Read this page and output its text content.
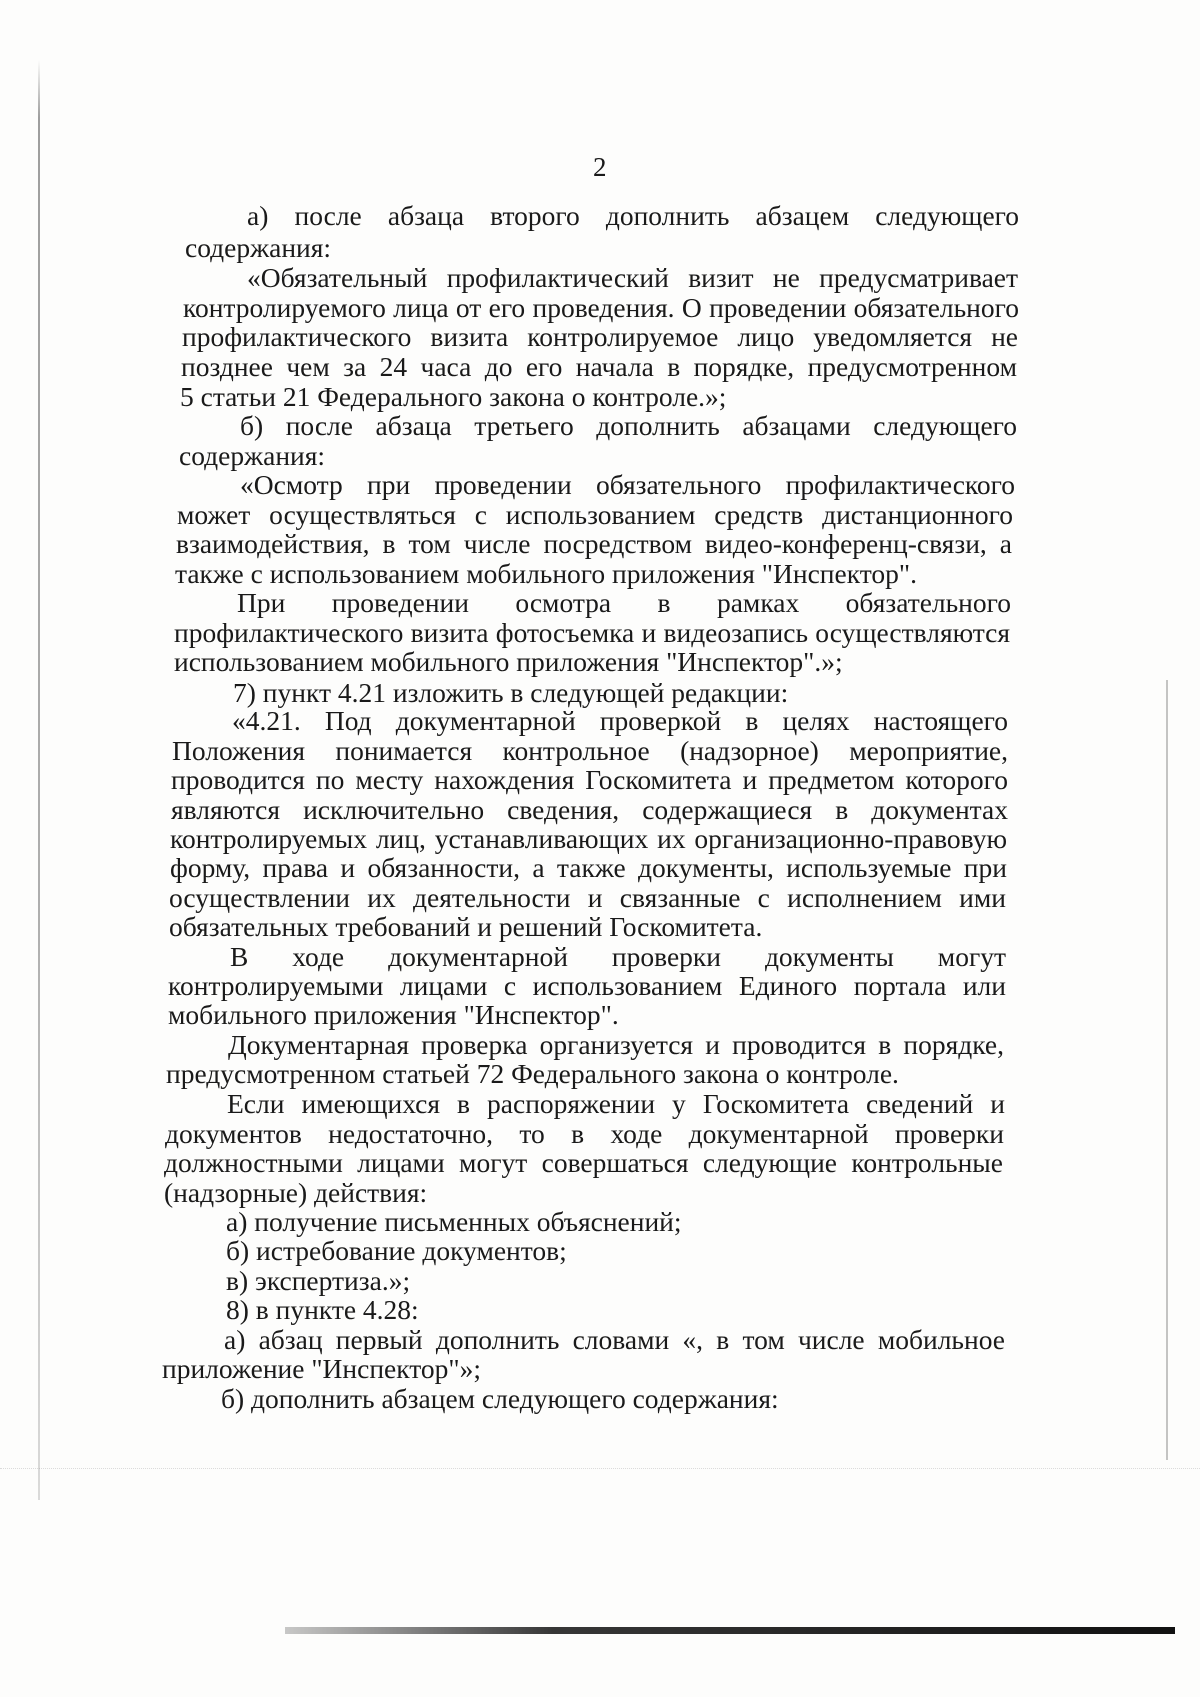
2
а) после абзаца второго дополнить абзацем следующего
содержания:
«Обязательный профилактический визит не предусматривает
контролируемого лица от его проведения. О проведении обязательного
профилактического визита контролируемое лицо уведомляется не
позднее чем за 24 часа до его начала в порядке, предусмотренном
5 статьи 21 Федерального закона о контроле.»;
б) после абзаца третьего дополнить абзацами следующего
содержания:
«Осмотр при проведении обязательного профилактического
может осуществляться с использованием средств дистанционного
взаимодействия, в том числе посредством видео-конференц-связи, а
также с использованием мобильного приложения "Инспектор".
При проведении осмотра в рамках обязательного
профилактического визита фотосъемка и видеозапись осуществляются
использованием мобильного приложения "Инспектор".»;
7) пункт 4.21 изложить в следующей редакции:
«4.21. Под документарной проверкой в целях настоящего
Положения понимается контрольное (надзорное) мероприятие,
проводится по месту нахождения Госкомитета и предметом которого
являются исключительно сведения, содержащиеся в документах
контролируемых лиц, устанавливающих их организационно-правовую
форму, права и обязанности, а также документы, используемые при
осуществлении их деятельности и связанные с исполнением ими
обязательных требований и решений Госкомитета.
В ходе документарной проверки документы могут
контролируемыми лицами с использованием Единого портала или
мобильного приложения "Инспектор".
Документарная проверка организуется и проводится в порядке,
предусмотренном статьей 72 Федерального закона о контроле.
Если имеющихся в распоряжении у Госкомитета сведений и
документов недостаточно, то в ходе документарной проверки
должностными лицами могут совершаться следующие контрольные
(надзорные) действия:
а) получение письменных объяснений;
б) истребование документов;
в) экспертиза.»;
8) в пункте 4.28:
а) абзац первый дополнить словами «, в том числе мобильное
приложение "Инспектор"»;
б) дополнить абзацем следующего содержания:
